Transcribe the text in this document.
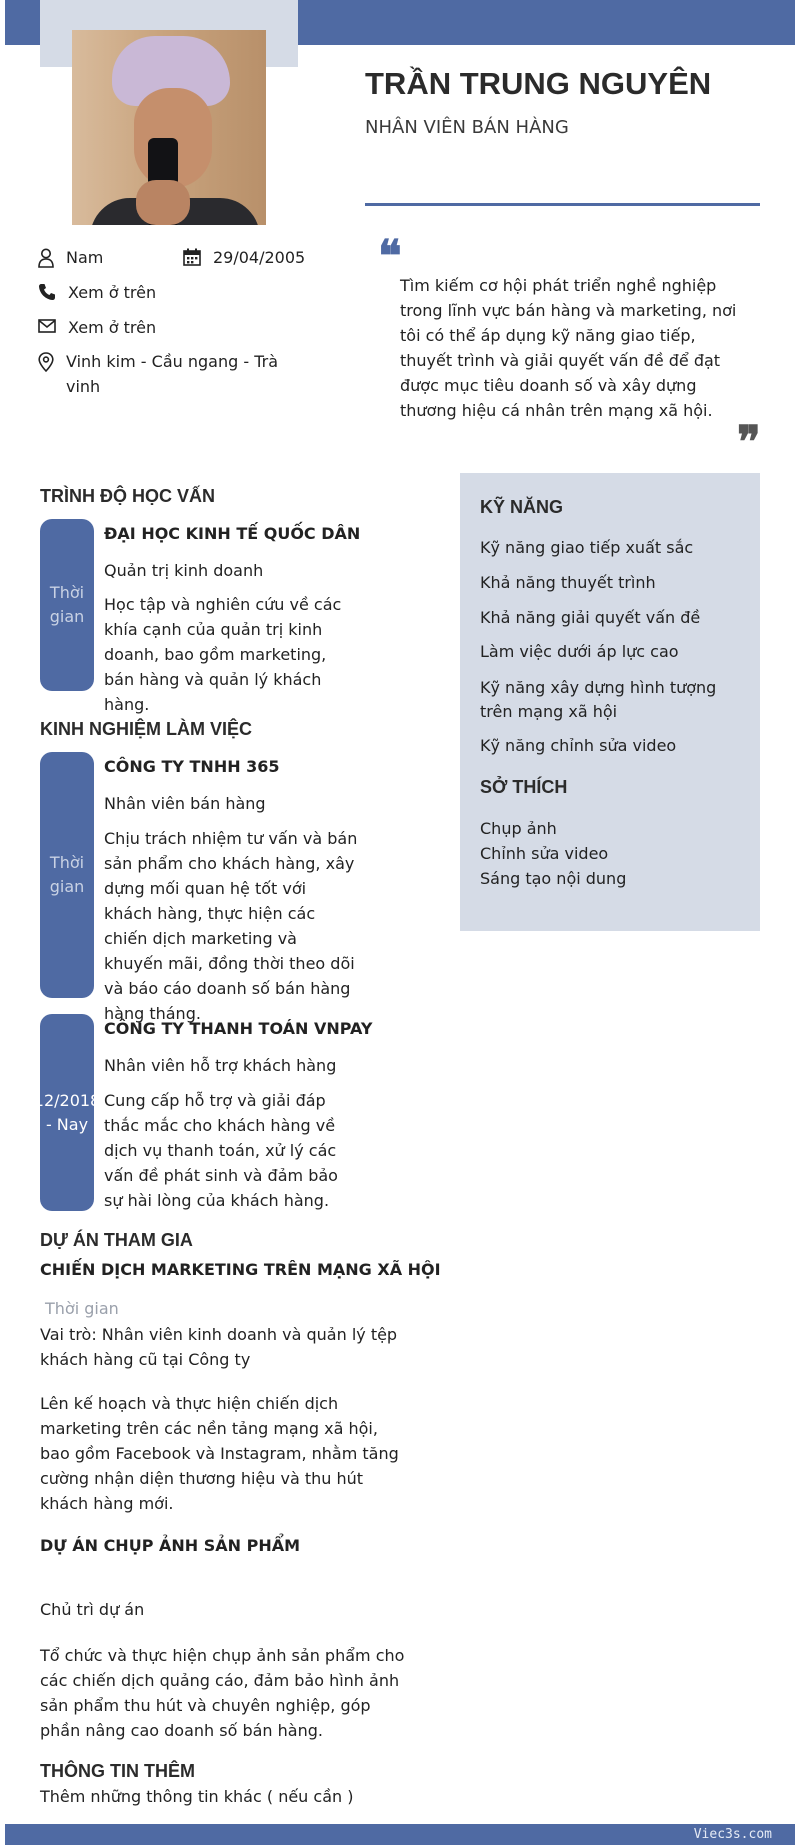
TRẦN TRUNG NGUYÊN
NHÂN VIÊN BÁN HÀNG
Nam	29/04/2005
Xem ở trên
Xem ở trên
Vinh kim - Cầu ngang - Trà vinh
❝
Tìm kiếm cơ hội phát triển nghề nghiệp trong lĩnh vực bán hàng và marketing, nơi tôi có thể áp dụng kỹ năng giao tiếp, thuyết trình và giải quyết vấn đề để đạt được mục tiêu doanh số và xây dựng thương hiệu cá nhân trên mạng xã hội.
❞
TRÌNH ĐỘ HỌC VẤN
Thời gian
ĐẠI HỌC KINH TẾ QUỐC DÂN
Quản trị kinh doanh
Học tập và nghiên cứu về các khía cạnh của quản trị kinh doanh, bao gồm marketing, bán hàng và quản lý khách hàng.
KINH NGHIỆM LÀM VIỆC
Thời gian
CÔNG TY TNHH 365
Nhân viên bán hàng
Chịu trách nhiệm tư vấn và bán sản phẩm cho khách hàng, xây dựng mối quan hệ tốt với khách hàng, thực hiện các chiến dịch marketing và khuyến mãi, đồng thời theo dõi và báo cáo doanh số bán hàng hàng tháng.
12/2018 - Nay
CÔNG TY THANH TOÁN VNPAY
Nhân viên hỗ trợ khách hàng
Cung cấp hỗ trợ và giải đáp thắc mắc cho khách hàng về dịch vụ thanh toán, xử lý các vấn đề phát sinh và đảm bảo sự hài lòng của khách hàng.
DỰ ÁN THAM GIA
CHIẾN DỊCH MARKETING TRÊN MẠNG XÃ HỘI
Thời gian
Vai trò: Nhân viên kinh doanh và quản lý tệp khách hàng cũ tại Công ty
Lên kế hoạch và thực hiện chiến dịch marketing trên các nền tảng mạng xã hội, bao gồm Facebook và Instagram, nhằm tăng cường nhận diện thương hiệu và thu hút khách hàng mới.
DỰ ÁN CHỤP ẢNH SẢN PHẨM
Chủ trì dự án
Tổ chức và thực hiện chụp ảnh sản phẩm cho các chiến dịch quảng cáo, đảm bảo hình ảnh sản phẩm thu hút và chuyên nghiệp, góp phần nâng cao doanh số bán hàng.
THÔNG TIN THÊM
Thêm những thông tin khác ( nếu cần )
KỸ NĂNG
Kỹ năng giao tiếp xuất sắc
Khả năng thuyết trình
Khả năng giải quyết vấn đề
Làm việc dưới áp lực cao
Kỹ năng xây dựng hình tượng trên mạng xã hội
Kỹ năng chỉnh sửa video
SỞ THÍCH
Chụp ảnh
Chỉnh sửa video
Sáng tạo nội dung
Viec3s.com
